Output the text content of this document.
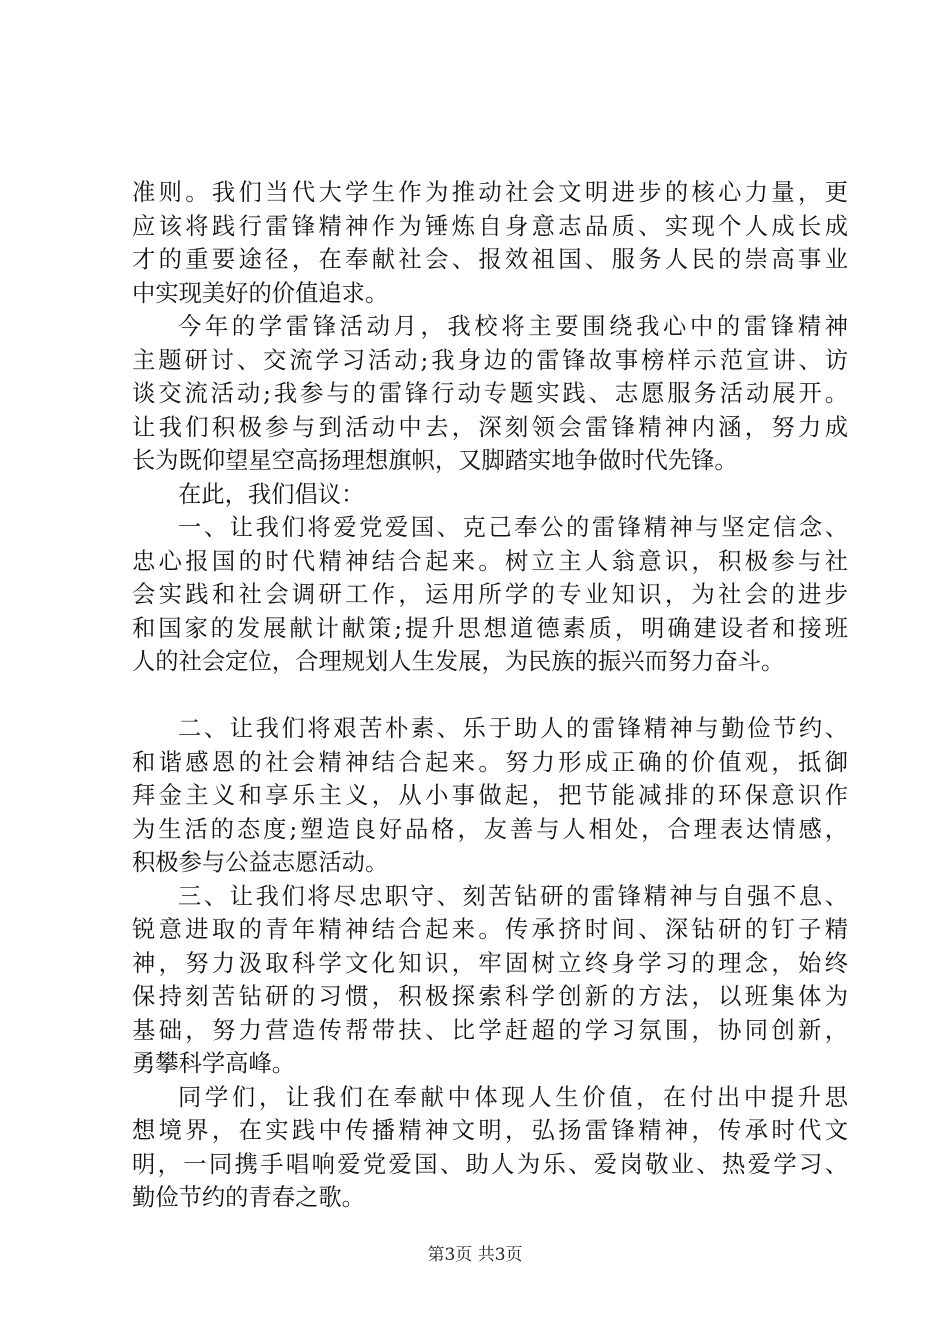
准则。我们当代大学生作为推动社会文明进步的核心力量，更
应该将践行雷锋精神作为锤炼自身意志品质、实现个人成长成
才的重要途径，在奉献社会、报效祖国、服务人民的崇高事业
中实现美好的价值追求。
今年的学雷锋活动月，我校将主要围绕我心中的雷锋精神
主题研讨、交流学习活动;我身边的雷锋故事榜样示范宣讲、访
谈交流活动;我参与的雷锋行动专题实践、志愿服务活动展开。
让我们积极参与到活动中去，深刻领会雷锋精神内涵，努力成
长为既仰望星空高扬理想旗帜，又脚踏实地争做时代先锋。
在此，我们倡议：
一、让我们将爱党爱国、克己奉公的雷锋精神与坚定信念、
忠心报国的时代精神结合起来。树立主人翁意识，积极参与社
会实践和社会调研工作，运用所学的专业知识，为社会的进步
和国家的发展献计献策;提升思想道德素质，明确建设者和接班
人的社会定位，合理规划人生发展，为民族的振兴而努力奋斗。
二、让我们将艰苦朴素、乐于助人的雷锋精神与勤俭节约、
和谐感恩的社会精神结合起来。努力形成正确的价值观，抵御
拜金主义和享乐主义，从小事做起，把节能减排的环保意识作
为生活的态度;塑造良好品格，友善与人相处，合理表达情感，
积极参与公益志愿活动。
三、让我们将尽忠职守、刻苦钻研的雷锋精神与自强不息、
锐意进取的青年精神结合起来。传承挤时间、深钻研的钉子精
神，努力汲取科学文化知识，牢固树立终身学习的理念，始终
保持刻苦钻研的习惯，积极探索科学创新的方法，以班集体为
基础，努力营造传帮带扶、比学赶超的学习氛围，协同创新，
勇攀科学高峰。
同学们，让我们在奉献中体现人生价值，在付出中提升思
想境界，在实践中传播精神文明，弘扬雷锋精神，传承时代文
明，一同携手唱响爱党爱国、助人为乐、爱岗敬业、热爱学习、
勤俭节约的青春之歌。
第3页 共3页
